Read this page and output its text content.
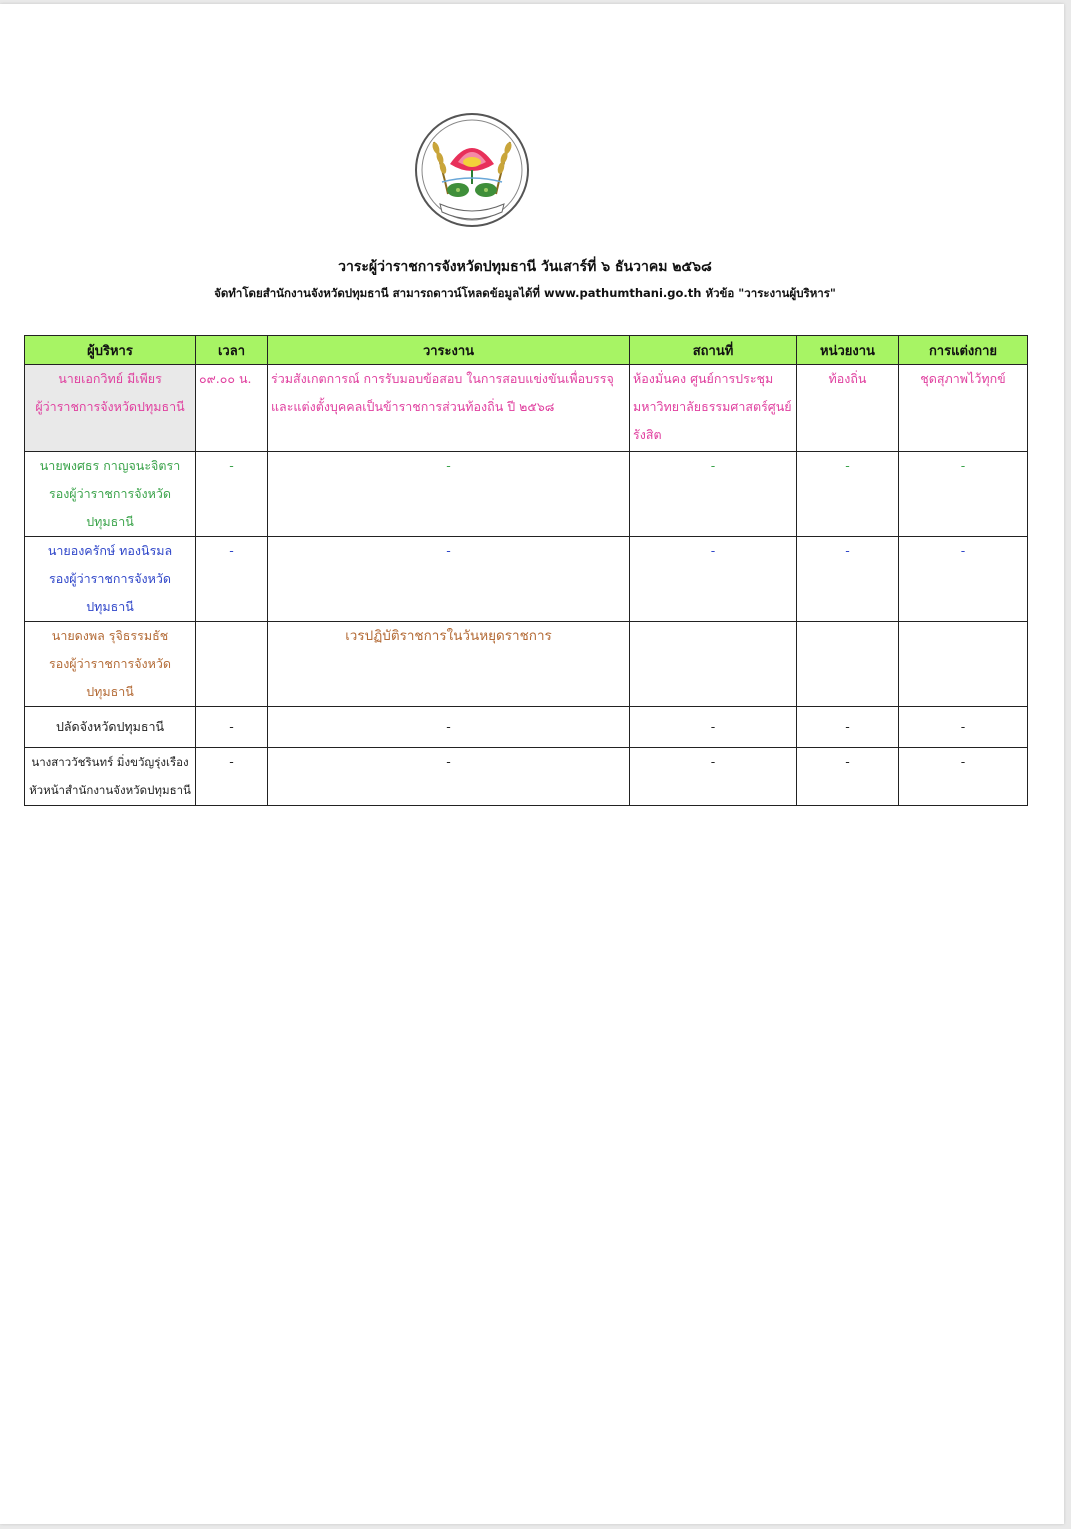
วาระผู้ว่าราชการจังหวัดปทุมธานี วันเสาร์ที่ ๖ ธันวาคม ๒๕๖๘
จัดทำโดยสำนักงานจังหวัดปทุมธานี สามารถดาวน์โหลดข้อมูลได้ที่ www.pathumthani.go.th หัวข้อ "วาระงานผู้บริหาร"
ผู้บริหาร	เวลา	วาระงาน	สถานที่	หน่วยงาน	การแต่งกาย

นายเอกวิทย์ มีเพียร
ผู้ว่าราชการจังหวัดปทุมธานี	๐๙.๐๐ น.	ร่วมสังเกตการณ์ การรับมอบข้อสอบ ในการสอบแข่งขันเพื่อบรรจุและแต่งตั้งบุคคลเป็นข้าราชการส่วนท้องถิ่น ปี ๒๕๖๘	ห้องมั่นคง ศูนย์การประชุมมหาวิทยาลัยธรรมศาสตร์ศูนย์รังสิต	ท้องถิ่น	ชุดสุภาพไว้ทุกข์

นายพงศธร กาญจนะจิตรา
รองผู้ว่าราชการจังหวัดปทุมธานี	-	-	-	-	-

นายองครักษ์ ทองนิรมล
รองผู้ว่าราชการจังหวัดปทุมธานี	-	-	-	-	-

นายดงพล รุจิธรรมธัช
รองผู้ว่าราชการจังหวัดปทุมธานี		เวรปฏิบัติราชการในวันหยุดราชการ			

ปลัดจังหวัดปทุมธานี	-	-	-	-	-

นางสาววัชรินทร์ มิ่งขวัญรุ่งเรือง
หัวหน้าสำนักงานจังหวัดปทุมธานี	-	-	-	-	-
